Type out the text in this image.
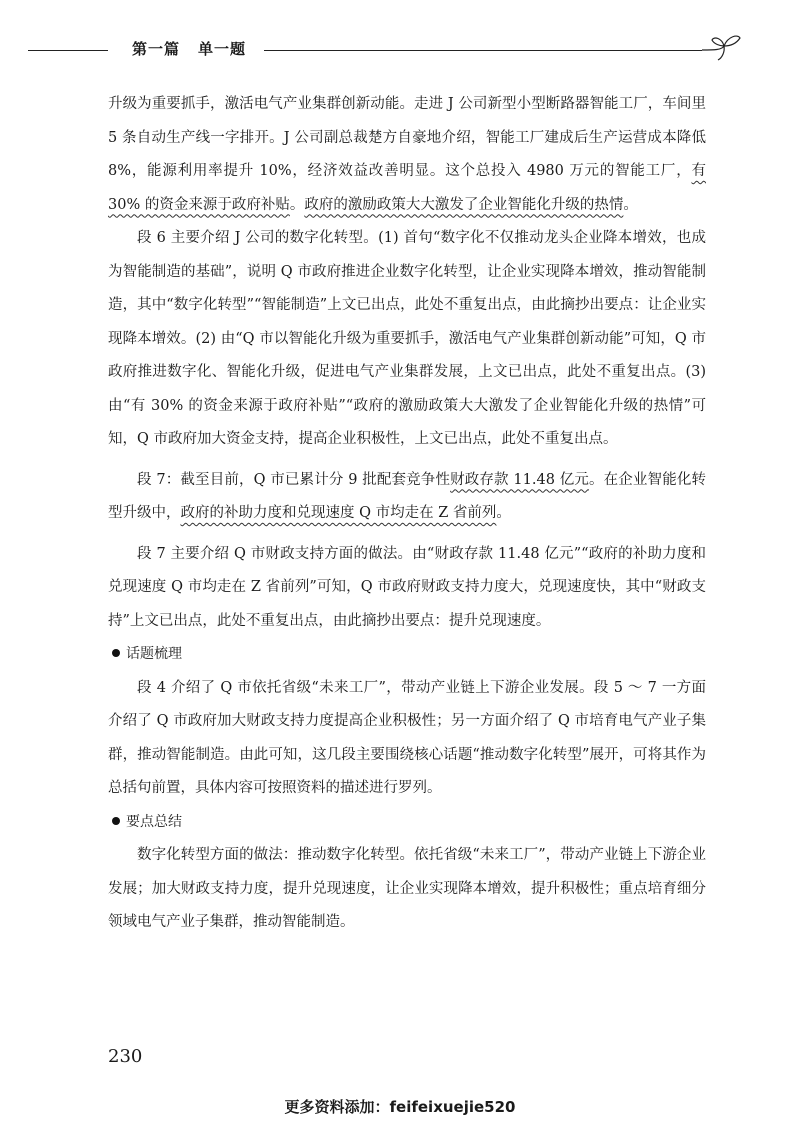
第一篇 单一题

升级为重要抓手，激活电气产业集群创新动能。走进 J 公司新型小型断路器智能工厂，车间里 5 条自动生产线一字排开。J 公司副总裁楚方自豪地介绍，智能工厂建成后生产运营成本降低 8%，能源利用率提升 10%，经济效益改善明显。这个总投入 4980 万元的智能工厂，有 30% 的资金来源于政府补贴。政府的激励政策大大激发了企业智能化升级的热情。

段 6 主要介绍 J 公司的数字化转型。(1) 首句“数字化不仅推动龙头企业降本增效，也成为智能制造的基础”，说明 Q 市政府推进企业数字化转型，让企业实现降本增效，推动智能制造，其中“数字化转型”“智能制造”上文已出点，此处不重复出点，由此摘抄出要点：让企业实现降本增效。(2) 由“Q 市以智能化升级为重要抓手，激活电气产业集群创新动能”可知，Q 市政府推进数字化、智能化升级，促进电气产业集群发展，上文已出点，此处不重复出点。(3) 由“有 30% 的资金来源于政府补贴”“政府的激励政策大大激发了企业智能化升级的热情”可知，Q 市政府加大资金支持，提高企业积极性，上文已出点，此处不重复出点。

段 7：截至目前，Q 市已累计分 9 批配套竞争性财政存款 11.48 亿元。在企业智能化转型升级中，政府的补助力度和兑现速度 Q 市均走在 Z 省前列。

段 7 主要介绍 Q 市财政支持方面的做法。由“财政存款 11.48 亿元”“政府的补助力度和兑现速度 Q 市均走在 Z 省前列”可知，Q 市政府财政支持力度大，兑现速度快，其中“财政支持”上文已出点，此处不重复出点，由此摘抄出要点：提升兑现速度。

话题梳理

段 4 介绍了 Q 市依托省级“未来工厂”，带动产业链上下游企业发展。段 5 ～ 7 一方面介绍了 Q 市政府加大财政支持力度提高企业积极性；另一方面介绍了 Q 市培育电气产业子集群，推动智能制造。由此可知，这几段主要围绕核心话题“推动数字化转型”展开，可将其作为总括句前置，具体内容可按照资料的描述进行罗列。

要点总结

数字化转型方面的做法：推动数字化转型。依托省级“未来工厂”，带动产业链上下游企业发展；加大财政支持力度，提升兑现速度，让企业实现降本增效，提升积极性；重点培育细分领域电气产业子集群，推动智能制造。

230
更多资料添加：feifeixuejie520
